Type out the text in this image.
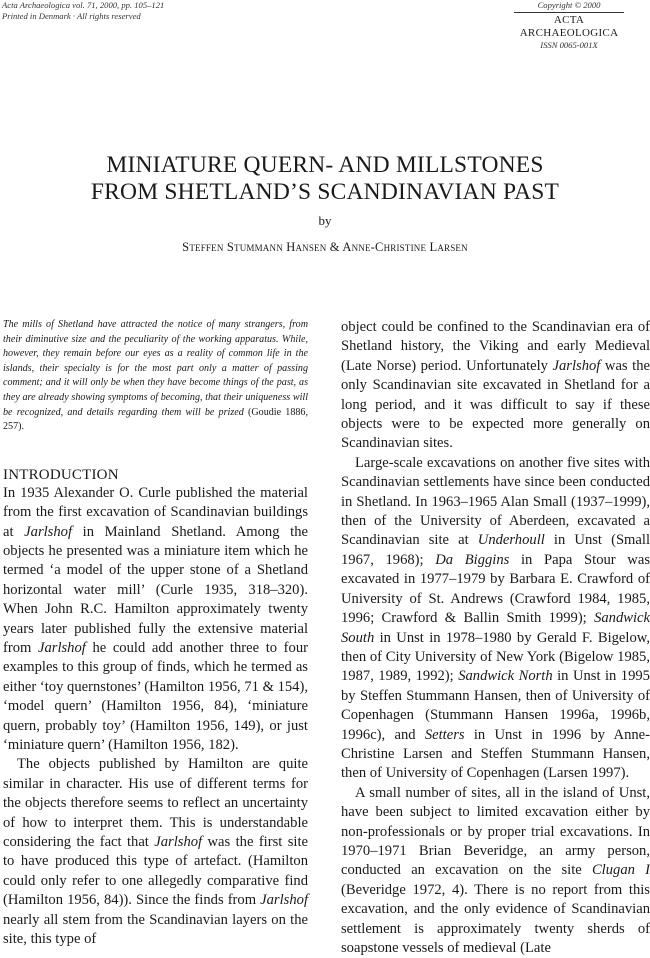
Acta Archaeologica vol. 71, 2000, pp. 105–121
Printed in Denmark · All rights reserved
Copyright © 2000
ACTA ARCHAEOLOGICA
ISSN 0065-001X
MINIATURE QUERN- AND MILLSTONES
FROM SHETLAND’S SCANDINAVIAN PAST
by
Steffen Stummann Hansen & Anne-Christine Larsen

The mills of Shetland have attracted the notice of many strangers, from their diminutive size and the peculiarity of the working apparatus. While, however, they remain before our eyes as a reality of common life in the islands, their specialty is for the most part only a matter of passing comment; and it will only be when they have become things of the past, as they are already showing symptoms of becoming, that their uniqueness will be recognized, and details regarding them will be prized (Goudie 1886, 257).

INTRODUCTION

In 1935 Alexander O. Curle published the material from the first excavation of Scandinavian buildings at Jarlshof in Mainland Shetland. Among the objects he presented was a miniature item which he termed ‘a model of the upper stone of a Shetland horizontal water mill’ (Curle 1935, 318–320). When John R.C. Hamilton approximately twenty years later published fully the extensive material from Jarlshof he could add another three to four examples to this group of finds, which he termed as either ‘toy quernstones’ (Hamilton 1956, 71 & 154), ‘model quern’ (Hamilton 1956, 84), ‘miniature quern, probably toy’ (Hamilton 1956, 149), or just ‘miniature quern’ (Hamilton 1956, 182).

The objects published by Hamilton are quite similar in character. His use of different terms for the objects therefore seems to reflect an uncertainty of how to interpret them. This is understandable considering the fact that Jarlshof was the first site to have produced this type of artefact. (Hamilton could only refer to one allegedly comparative find (Hamilton 1956, 84)). Since the finds from Jarlshof nearly all stem from the Scandinavian layers on the site, this type of

object could be confined to the Scandinavian era of Shetland history, the Viking and early Medieval (Late Norse) period. Unfortunately Jarlshof was the only Scandinavian site excavated in Shetland for a long period, and it was difficult to say if these objects were to be expected more generally on Scandinavian sites.

Large-scale excavations on another five sites with Scandinavian settlements have since been conducted in Shetland. In 1963–1965 Alan Small (1937–1999), then of the University of Aberdeen, excavated a Scandinavian site at Underhoull in Unst (Small 1967, 1968); Da Biggins in Papa Stour was excavated in 1977–1979 by Barbara E. Crawford of University of St. Andrews (Crawford 1984, 1985, 1996; Crawford & Ballin Smith 1999); Sandwick South in Unst in 1978–1980 by Gerald F. Bigelow, then of City University of New York (Bigelow 1985, 1987, 1989, 1992); Sandwick North in Unst in 1995 by Steffen Stummann Hansen, then of University of Copenhagen (Stummann Hansen 1996a, 1996b, 1996c), and Setters in Unst in 1996 by Anne-Christine Larsen and Steffen Stummann Hansen, then of University of Copenhagen (Larsen 1997).

A small number of sites, all in the island of Unst, have been subject to limited excavation either by non-professionals or by proper trial excavations. In 1970–1971 Brian Beveridge, an army person, conducted an excavation on the site Clugan I (Beveridge 1972, 4). There is no report from this excavation, and the only evidence of Scandinavian settlement is approximately twenty sherds of soapstone vessels of medieval (Late
